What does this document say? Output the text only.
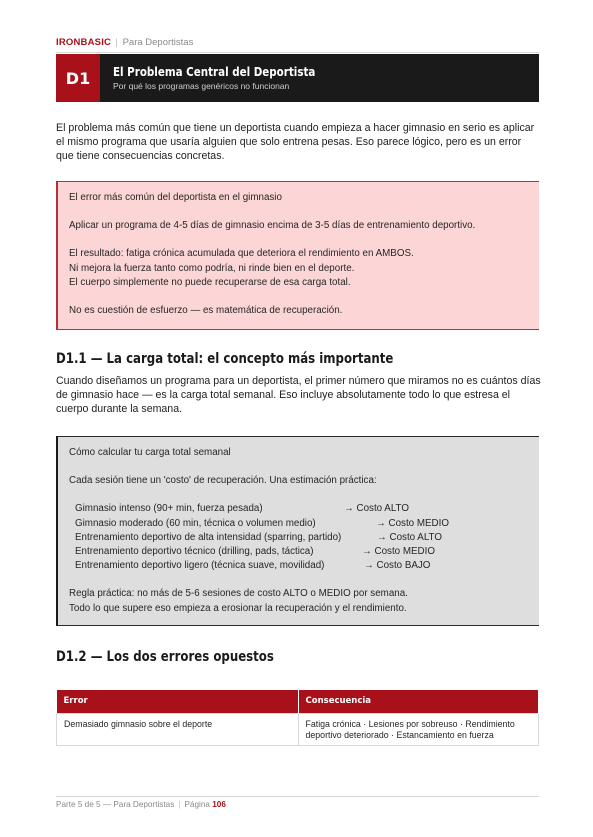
IRONBASIC | Para Deportistas
D1	El Problema Central del Deportista
Por qué los programas genéricos no funcionan

El problema más común que tiene un deportista cuando empieza a hacer gimnasio en serio es aplicar el mismo programa que usaría alguien que solo entrena pesas. Eso parece lógico, pero es un error que tiene consecuencias concretas.

El error más común del deportista en el gimnasio

Aplicar un programa de 4-5 días de gimnasio encima de 3-5 días de entrenamiento deportivo.

El resultado: fatiga crónica acumulada que deteriora el rendimiento en AMBOS.

Ni mejora la fuerza tanto como podría, ni rinde bien en el deporte.

El cuerpo simplemente no puede recuperarse de esa carga total.

No es cuestión de esfuerzo — es matemática de recuperación.

D1.1 — La carga total: el concepto más importante

Cuando diseñamos un programa para un deportista, el primer número que miramos no es cuántos días de gimnasio hace — es la carga total semanal. Eso incluye absolutamente todo lo que estresa el cuerpo durante la semana.

Cómo calcular tu carga total semanal

Cada sesión tiene un 'costo' de recuperación. Una estimación práctica:

Gimnasio intenso (90+ min, fuerza pesada)	→ Costo ALTO
Gimnasio moderado (60 min, técnica o volumen medio)	→ Costo MEDIO
Entrenamiento deportivo de alta intensidad (sparring, partido)	→ Costo ALTO
Entrenamiento deportivo técnico (drilling, pads, táctica)	→ Costo MEDIO
Entrenamiento deportivo ligero (técnica suave, movilidad)	→ Costo BAJO

Regla práctica: no más de 5-6 sesiones de costo ALTO o MEDIO por semana.

Todo lo que supere eso empieza a erosionar la recuperación y el rendimiento.

D1.2 — Los dos errores opuestos
Error	Consecuencia
Demasiado gimnasio sobre el deporte	Fatiga crónica · Lesiones por sobreuso · Rendimiento deportivo deteriorado · Estancamiento en fuerza
Parte 5 de 5 — Para Deportistas | Página 106
